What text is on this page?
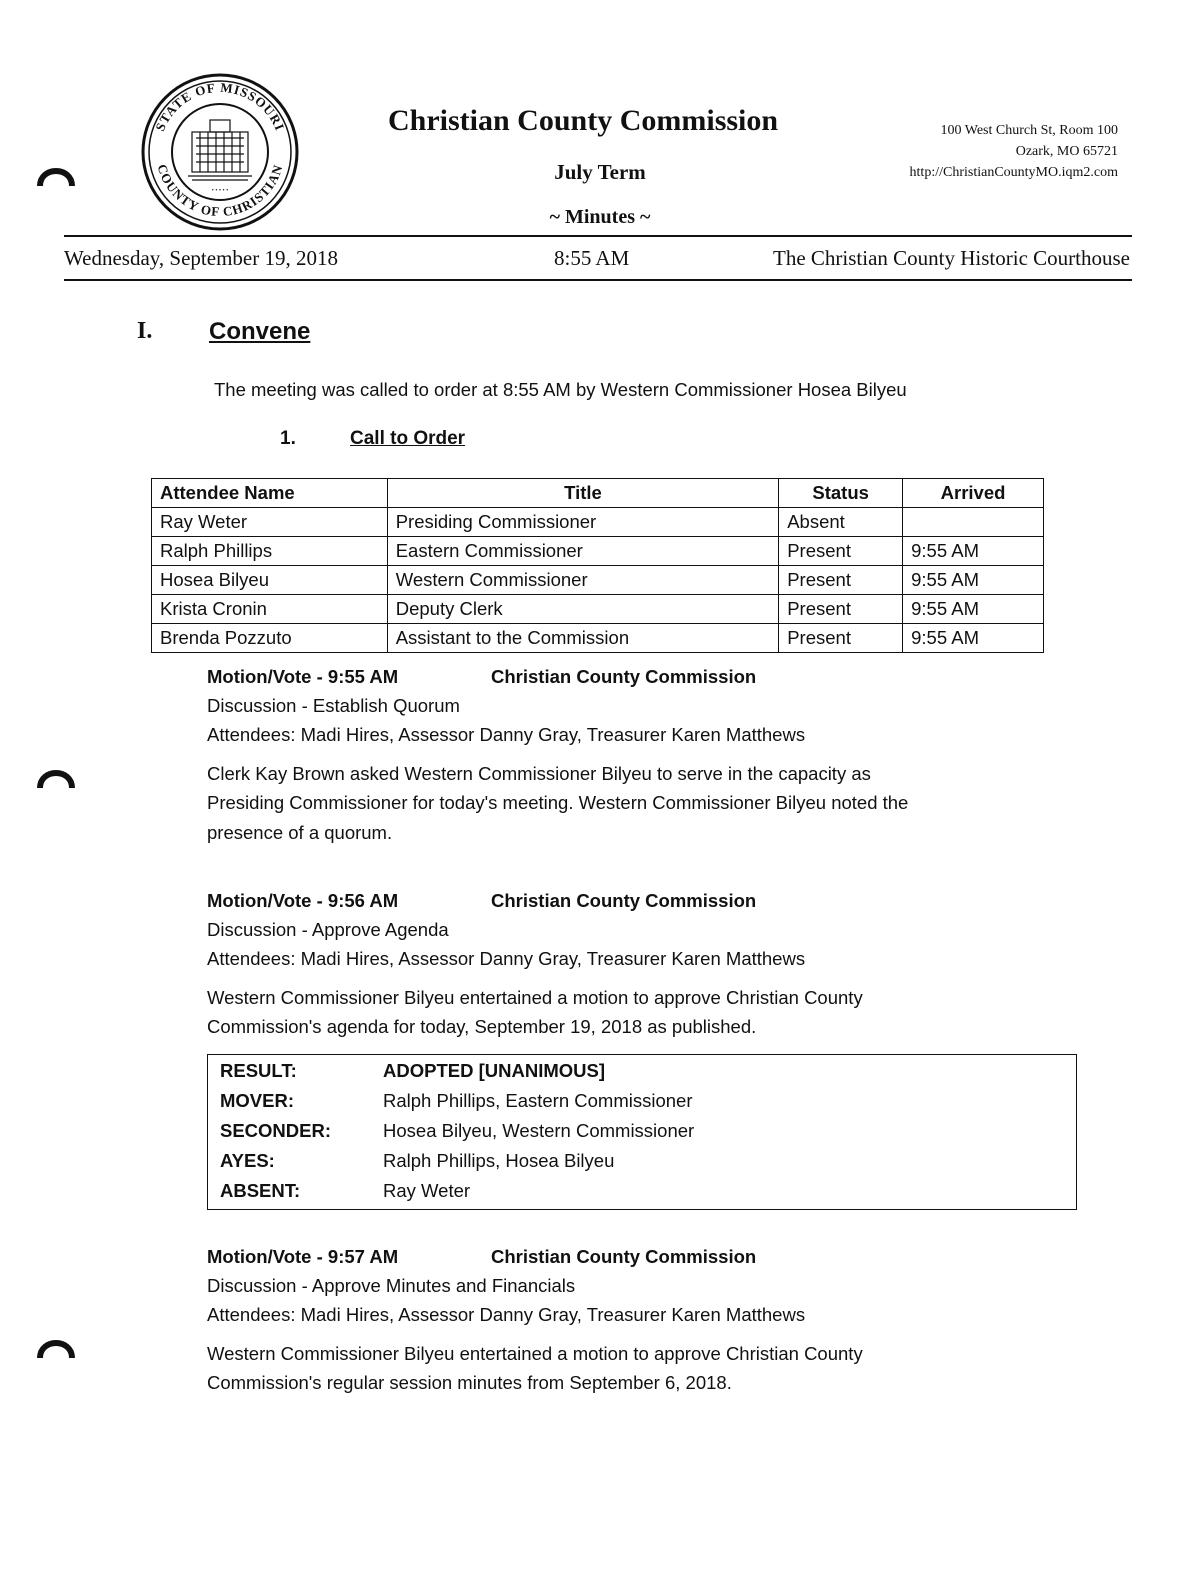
STATE OF MISSOURI
COUNTY OF CHRISTIAN
• • • • •
Christian County Commission
July Term
~ Minutes ~
100 West Church St, Room 100
Ozark, MO 65721
http://ChristianCountyMO.iqm2.com
Wednesday, September 19, 2018	8:55 AM	The Christian County Historic Courthouse
I. Convene
The meeting was called to order at 8:55 AM by Western Commissioner Hosea Bilyeu
1.	Call to Order
Attendee Name	Title	Status	Arrived
Ray Weter	Presiding Commissioner	Absent	
Ralph Phillips	Eastern Commissioner	Present	9:55 AM
Hosea Bilyeu	Western Commissioner	Present	9:55 AM
Krista Cronin	Deputy Clerk	Present	9:55 AM
Brenda Pozzuto	Assistant to the Commission	Present	9:55 AM
Motion/Vote - 9:55 AM	Christian County Commission
Discussion - Establish Quorum
Attendees: Madi Hires, Assessor Danny Gray, Treasurer Karen Matthews
Clerk Kay Brown asked Western Commissioner Bilyeu to serve in the capacity as
Presiding Commissioner for today's meeting. Western Commissioner Bilyeu noted the
presence of a quorum.
Motion/Vote - 9:56 AM	Christian County Commission
Discussion - Approve Agenda
Attendees: Madi Hires, Assessor Danny Gray, Treasurer Karen Matthews
Western Commissioner Bilyeu entertained a motion to approve Christian County
Commission's agenda for today, September 19, 2018 as published.
RESULT:	ADOPTED [UNANIMOUS]
MOVER:	Ralph Phillips, Eastern Commissioner
SECONDER:	Hosea Bilyeu, Western Commissioner
AYES:	Ralph Phillips, Hosea Bilyeu
ABSENT:	Ray Weter
Motion/Vote - 9:57 AM	Christian County Commission
Discussion - Approve Minutes and Financials
Attendees: Madi Hires, Assessor Danny Gray, Treasurer Karen Matthews
Western Commissioner Bilyeu entertained a motion to approve Christian County
Commission's regular session minutes from September 6, 2018.
